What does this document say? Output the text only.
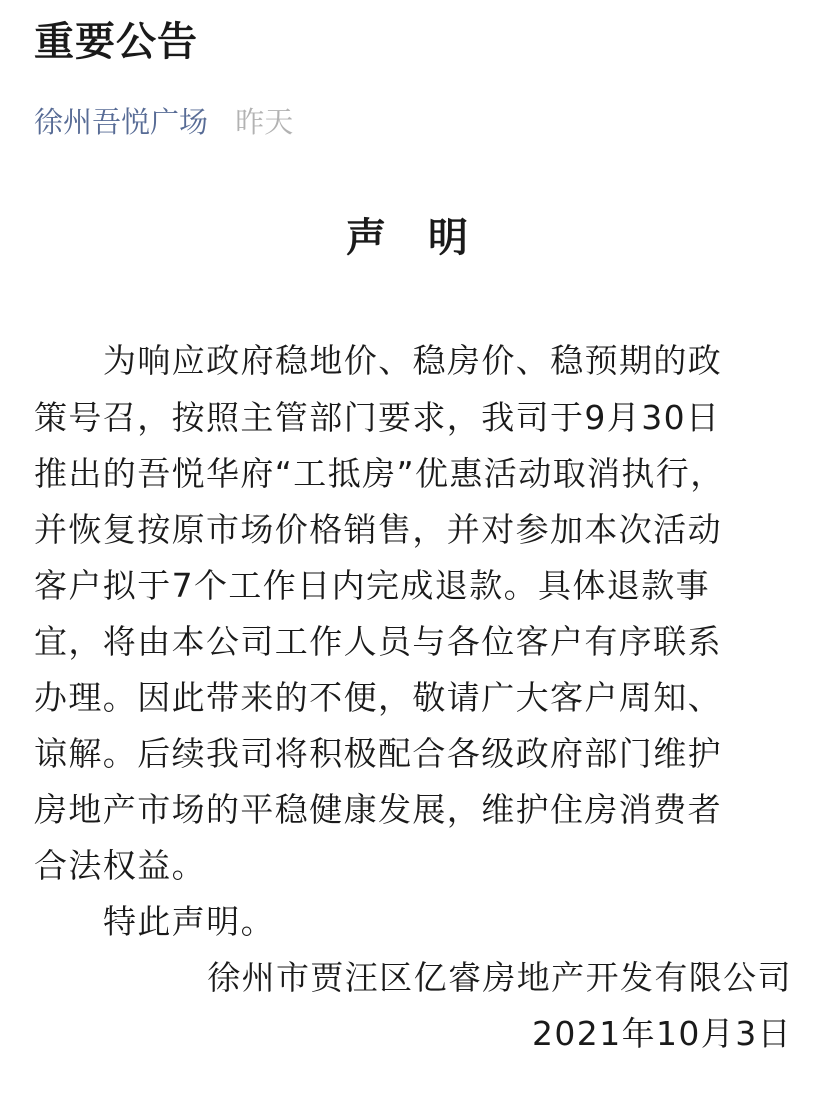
重要公告
徐州吾悦广场 昨天
声 明
为响应政府稳地价、稳房价、稳预期的政
策号召，按照主管部门要求，我司于9月30日
推出的吾悦华府“工抵房”优惠活动取消执行，
并恢复按原市场价格销售，并对参加本次活动
客户拟于7个工作日内完成退款。具体退款事
宜，将由本公司工作人员与各位客户有序联系
办理。因此带来的不便，敬请广大客户周知、
谅解。后续我司将积极配合各级政府部门维护
房地产市场的平稳健康发展，维护住房消费者
合法权益。
特此声明。
徐州市贾汪区亿睿房地产开发有限公司
2021年10月3日
